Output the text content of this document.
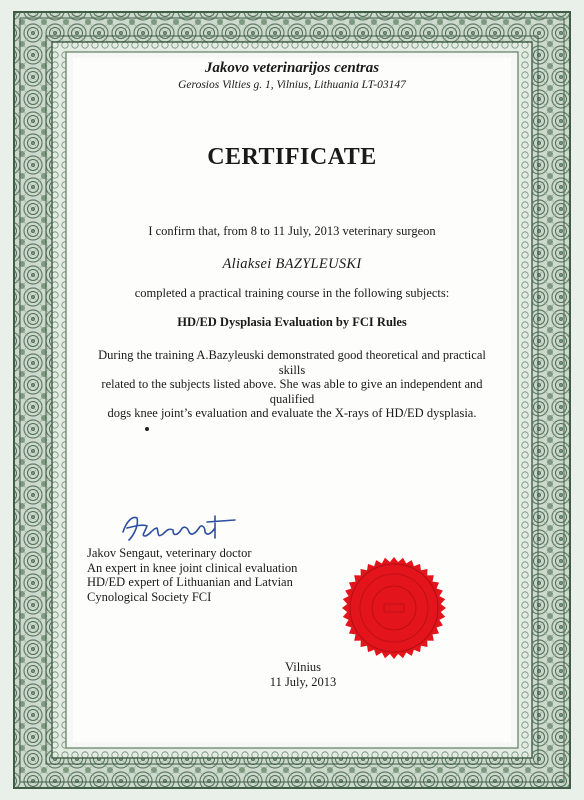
Jakovo veterinarijos centras
Gerosios Vilties g. 1, Vilnius, Lithuania LT-03147
CERTIFICATE
I confirm that, from 8 to 11 July, 2013 veterinary surgeon
Aliaksei BAZYLEUSKI
completed a practical training course in the following subjects:
HD/ED Dysplasia Evaluation by FCI Rules
During the training A.Bazyleuski demonstrated good theoretical and practical skills
related to the subjects listed above. She was able to give an independent and qualified
dogs knee joint’s evaluation and evaluate the X-rays of HD/ED dysplasia.
Jakov Sengaut, veterinary doctor
An expert in knee joint clinical evaluation
HD/ED expert of Lithuanian and Latvian
Cynological Society FCI
Vilnius
11 July, 2013
